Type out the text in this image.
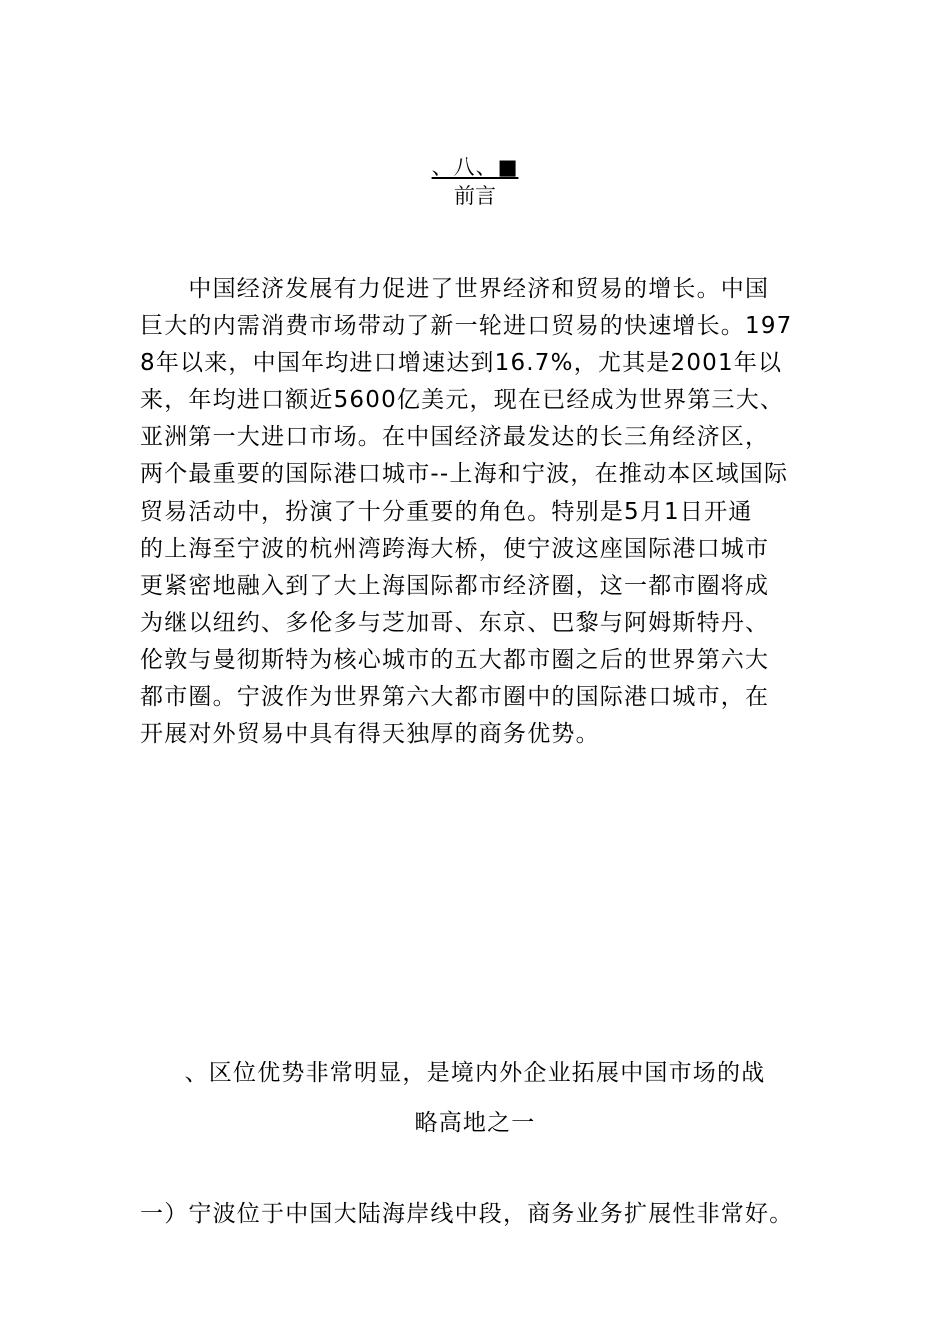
、八、■
前言
　　中国经济发展有力促进了世界经济和贸易的增长。中国
巨大的内需消费市场带动了新一轮进口贸易的快速增长。197
8年以来，中国年均进口增速达到16.7%，尤其是2001年以
来，年均进口额近5600亿美元，现在已经成为世界第三大、
亚洲第一大进口市场。在中国经济最发达的长三角经济区，
两个最重要的国际港口城市--上海和宁波，在推动本区域国际
贸易活动中，扮演了十分重要的角色。特别是5月1日开通
的上海至宁波的杭州湾跨海大桥，使宁波这座国际港口城市
更紧密地融入到了大上海国际都市经济圈，这一都市圈将成
为继以纽约、多伦多与芝加哥、东京、巴黎与阿姆斯特丹、
伦敦与曼彻斯特为核心城市的五大都市圈之后的世界第六大
都市圈。宁波作为世界第六大都市圈中的国际港口城市，在
开展对外贸易中具有得天独厚的商务优势。
、区位优势非常明显，是境内外企业拓展中国市场的战
略高地之一
一）宁波位于中国大陆海岸线中段，商务业务扩展性非常好。
